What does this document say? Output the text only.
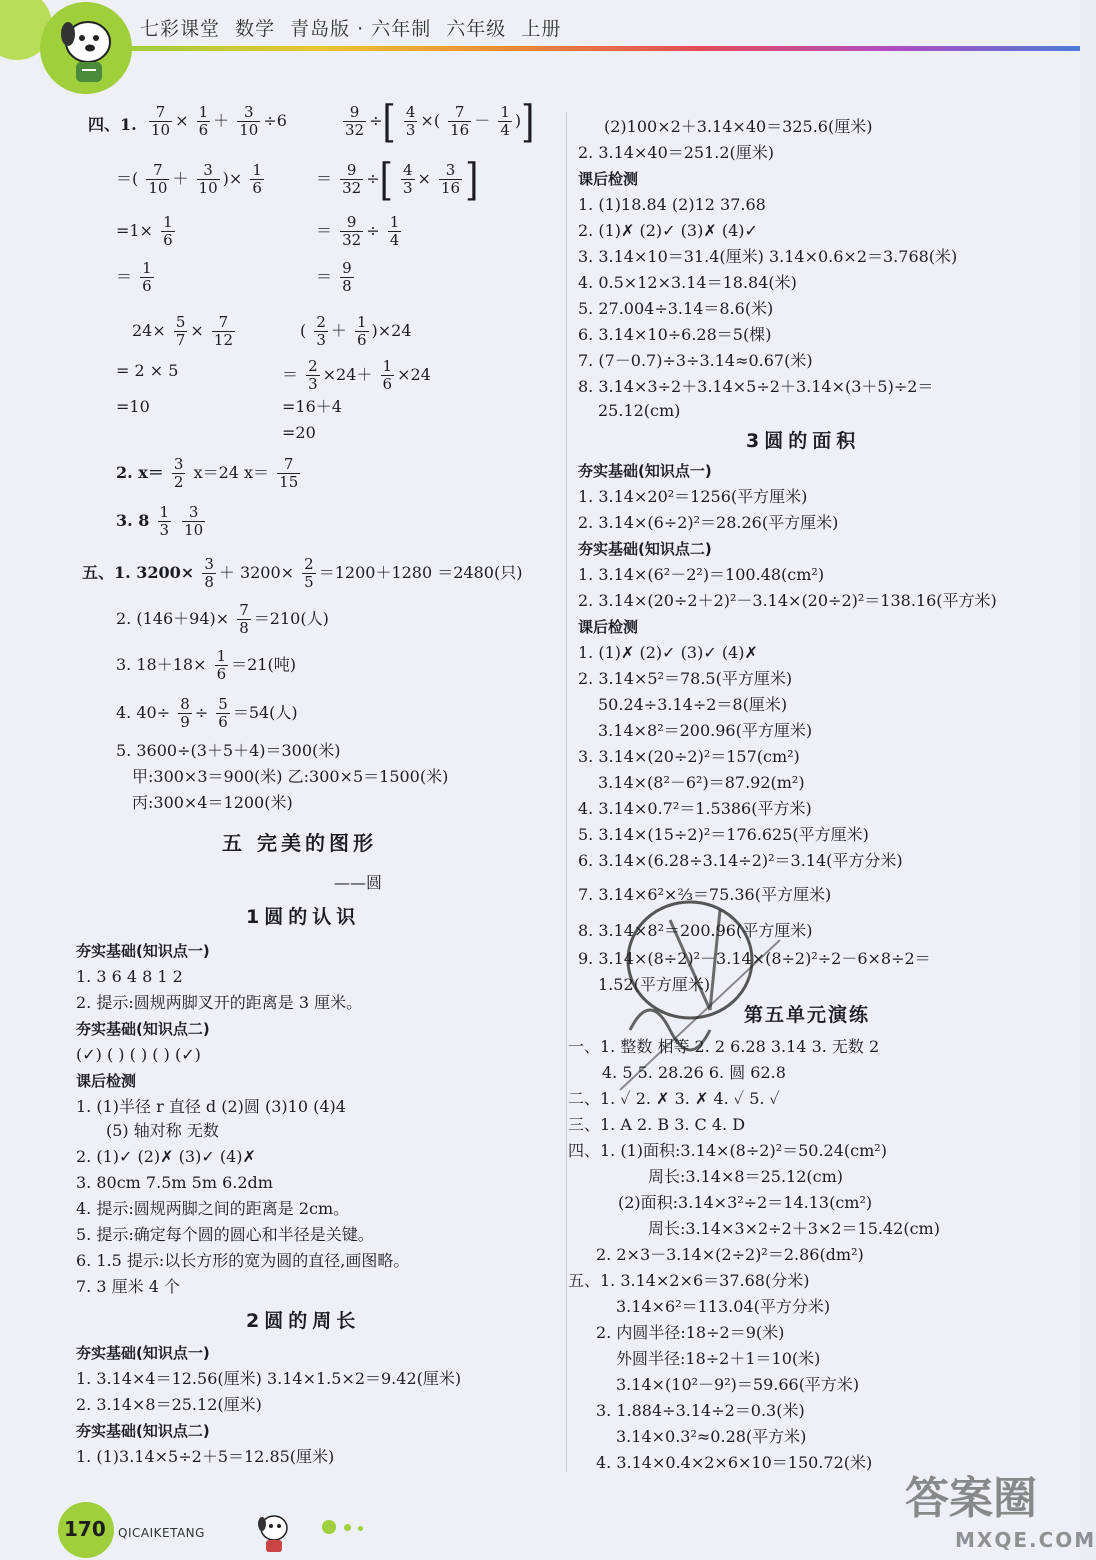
七彩课堂 数学 青岛版 · 六年制 六年级 上册
四、1. $\frac{7}{10} \times \frac{1}{6} + \frac{3}{10} \div 6$	$\frac{9}{32}$ ÷[ $\frac{4}{3}$ ×( $\frac{7}{16} - \frac{1}{4}$ )]
＝( $\frac{7}{10} + \frac{3}{10}$ )× $\frac{1}{6}$	＝ $\frac{9}{32}$ ÷[ $\frac{4}{3} \times \frac{3}{16}$ ]
$=1\times \frac{1}{6}$	＝ $\frac{9}{32} \div \frac{1}{4}$
＝ $\frac{1}{6}$	＝ $\frac{9}{8}$
$24\times \frac{5}{7} \times \frac{7}{12}$	( $\frac{2}{3} + \frac{1}{6} )\times 24$
= 2 × 5	＝ $\frac{2}{3} \times 24+ \frac{1}{6} \times 24$
=10	=16＋4
=20
2. $x= \frac{3}{2} x=24$ $x= \frac{7}{15}$
3. $8 \frac{1}{3}$
$\frac{3}{10}$
五、1. $3200\times \frac{3}{8} + 3200\times \frac{2}{5} =1200+1280 =2480$(只)
2. $(146+94)\times \frac{7}{8} =210$(人)
3. $18+18\times \frac{1}{6} =21$(吨)
4. $40\div \frac{8}{9} \div \frac{5}{6} =54$(人)
5. 3600÷(3＋5＋4)＝300(米)
甲:300×3＝900(米) 乙:300×5＝1500(米)
丙:300×4＝1200(米)
五 完美的图形
——圆
1圆的认识
夯实基础(知识点一)
1. 3 6 4 8 1 2
2. 提示:圆规两脚叉开的距离是 3 厘米。
夯实基础(知识点二)
(✓) ( ) ( ) ( ) (✓)
课后检测
1. (1)半径 r 直径 d (2)圆 (3)10 (4)4
(5) 轴对称 无数
2. (1)✓ (2)✗ (3)✓ (4)✗
3. 80cm 7.5m 5m 6.2dm
4. 提示:圆规两脚之间的距离是 2cm。
5. 提示:确定每个圆的圆心和半径是关键。
6. 1.5 提示:以长方形的宽为圆的直径,画图略。
7. 3 厘米 4 个
2圆的周长
夯实基础(知识点一)
1. 3.14×4＝12.56(厘米) 3.14×1.5×2＝9.42(厘米)
2. 3.14×8＝25.12(厘米)
夯实基础(知识点二)
1. (1)3.14×5÷2＋5＝12.85(厘米)
(2)100×2＋3.14×40＝325.6(厘米)
2. 3.14×40＝251.2(厘米)
课后检测
1. (1)18.84 (2)12 37.68
2. (1)✗ (2)✓ (3)✗ (4)✓
3. 3.14×10＝31.4(厘米) 3.14×0.6×2＝3.768(米)
4. 0.5×12×3.14＝18.84(米)
5. 27.004÷3.14＝8.6(米)
6. 3.14×10÷6.28＝5(棵)
7. (7－0.7)÷3÷3.14≈0.67(米)
8. 3.14×3÷2＋3.14×5÷2＋3.14×(3＋5)÷2＝
25.12(cm)
3圆的面积
夯实基础(知识点一)
1. 3.14×20²＝1256(平方厘米)
2. 3.14×(6÷2)²＝28.26(平方厘米)
夯实基础(知识点二)
1. 3.14×(6²－2²)＝100.48(cm²)
2. 3.14×(20÷2＋2)²－3.14×(20÷2)²＝138.16(平方米)
课后检测
1. (1)✗ (2)✓ (3)✓ (4)✗
2. 3.14×5²＝78.5(平方厘米)
50.24÷3.14÷2＝8(厘米)
3.14×8²＝200.96(平方厘米)
3. 3.14×(20÷2)²＝157(cm²)
3.14×(8²－6²)＝87.92(m²)
4. 3.14×0.7²＝1.5386(平方米)
5. 3.14×(15÷2)²＝176.625(平方厘米)
6. 3.14×(6.28÷3.14÷2)²＝3.14(平方分米)
7. 3.14×6²×⅔＝75.36(平方厘米)
8. 3.14×8²＝200.96(平方厘米)
9. 3.14×(8÷2)²－3.14×(8÷2)²÷2－6×8÷2＝
1.52(平方厘米)
第五单元演练
一、1. 整数 相等 2. 2 6.28 3.14 3. 无数 2
4. 5 5. 28.26 6. 圆 62.8
二、1. ✓ 2. ✗ 3. ✗ 4. ✓ 5. ✓
三、1. A 2. B 3. C 4. D
四、1. (1)面积:3.14×(8÷2)²＝50.24(cm²)
周长:3.14×8＝25.12(cm)
(2)面积:3.14×3²÷2＝14.13(cm²)
周长:3.14×3×2÷2＋3×2＝15.42(cm)
2. 2×3－3.14×(2÷2)²＝2.86(dm²)
五、1. 3.14×2×6＝37.68(分米)
3.14×6²＝113.04(平方分米)
2. 内圆半径:18÷2＝9(米)
外圆半径:18÷2＋1＝10(米)
3.14×(10²－9²)＝59.66(平方米)
3. 1.884÷3.14÷2＝0.3(米)
3.14×0.3²≈0.28(平方米)
4. 3.14×0.4×2×6×10＝150.72(米)
170 QICAIKETANG
答案圈
MXQE.COM
